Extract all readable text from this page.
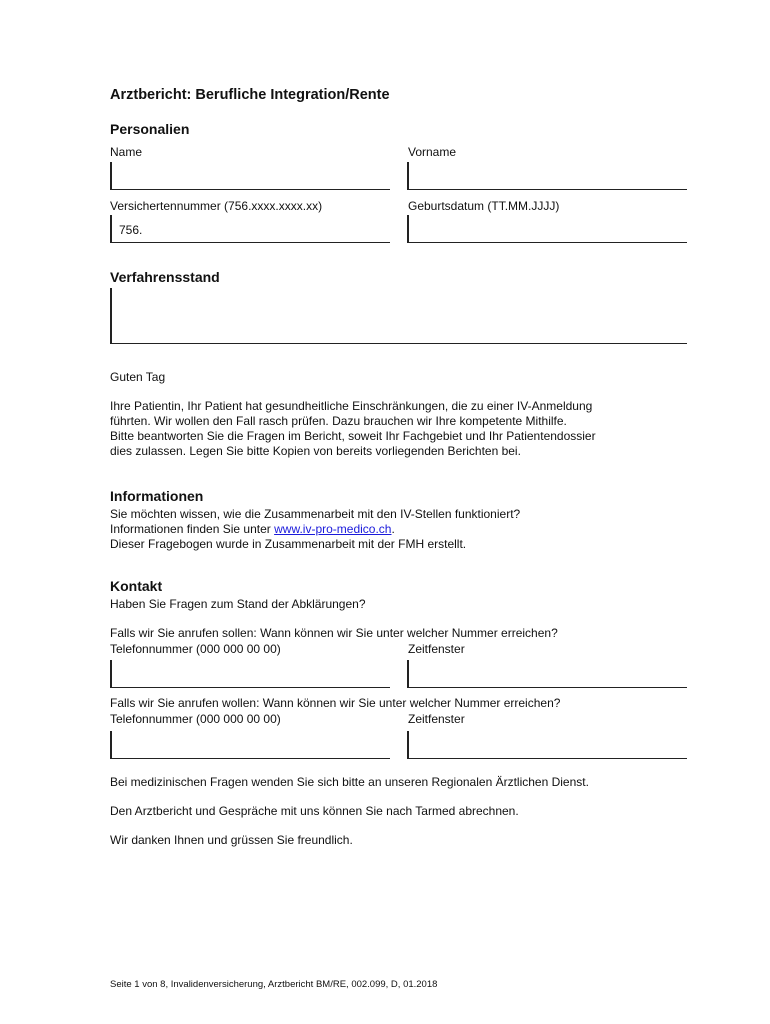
Arztbericht: Berufliche Integration/Rente
Personalien
Name	Vorname
Versichertennummer (756.xxxx.xxxx.xx)	Geburtsdatum (TT.MM.JJJJ)
756.
Verfahrensstand
Guten Tag

Ihre Patientin, Ihr Patient hat gesundheitliche Einschränkungen, die zu einer IV-Anmeldung

führten. Wir wollen den Fall rasch prüfen. Dazu brauchen wir Ihre kompetente Mithilfe.

Bitte beantworten Sie die Fragen im Bericht, soweit Ihr Fachgebiet und Ihr Patientendossier

dies zulassen. Legen Sie bitte Kopien von bereits vorliegenden Berichten bei.

Informationen

Sie möchten wissen, wie die Zusammenarbeit mit den IV-Stellen funktioniert?

Informationen finden Sie unter www.iv-pro-medico.ch.

Dieser Fragebogen wurde in Zusammenarbeit mit der FMH erstellt.

Kontakt
Haben Sie Fragen zum Stand der Abklärungen?
Falls wir Sie anrufen sollen: Wann können wir Sie unter welcher Nummer erreichen?
Telefonnummer (000 000 00 00)	Zeitfenster
Falls wir Sie anrufen wollen: Wann können wir Sie unter welcher Nummer erreichen?
Telefonnummer (000 000 00 00)	Zeitfenster
Bei medizinischen Fragen wenden Sie sich bitte an unseren Regionalen Ärztlichen Dienst.
Den Arztbericht und Gespräche mit uns können Sie nach Tarmed abrechnen.
Wir danken Ihnen und grüssen Sie freundlich.
Seite 1 von 8, Invalidenversicherung, Arztbericht BM/RE, 002.099, D, 01.2018
